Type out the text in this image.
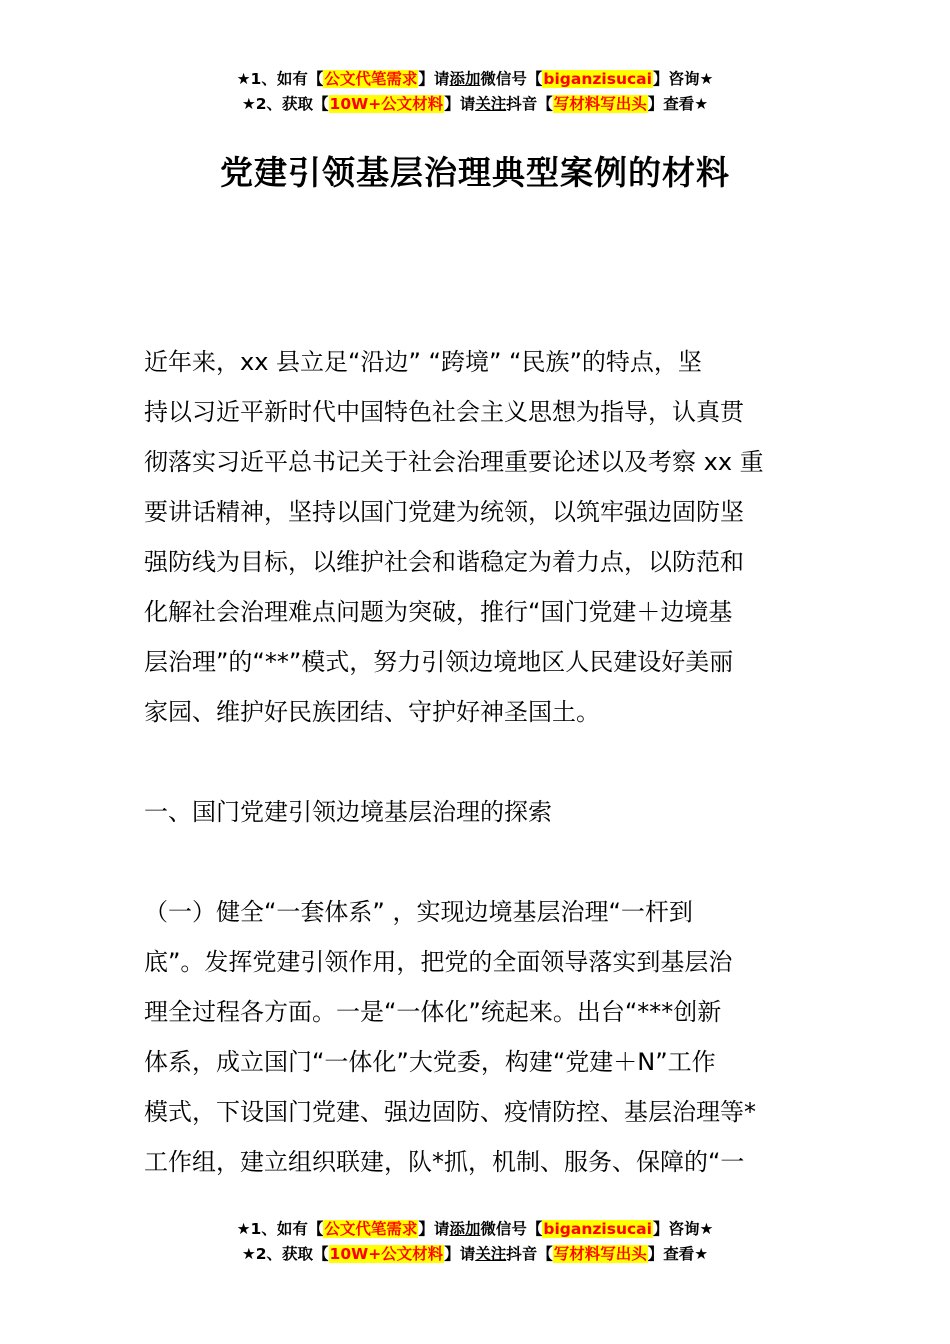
★1、如有【公文代笔需求】请添加微信号【biganzisucai】咨询★
★2、获取【10W+公文材料】请关注抖音【写材料写出头】查看★
党建引领基层治理典型案例的材料
近年来，xx 县立足“沿边” “跨境” “民族”的特点，坚
持以习近平新时代中国特色社会主义思想为指导，认真贯
彻落实习近平总书记关于社会治理重要论述以及考察 xx 重
要讲话精神，坚持以国门党建为统领，以筑牢强边固防坚
强防线为目标，以维护社会和谐稳定为着力点，以防范和
化解社会治理难点问题为突破，推行“国门党建＋边境基
层治理”的“**”模式，努力引领边境地区人民建设好美丽
家园、维护好民族团结、守护好神圣国土。
一、国门党建引领边境基层治理的探索
（一）健全“一套体系” ，实现边境基层治理“一杆到
底”。发挥党建引领作用，把党的全面领导落实到基层治
理全过程各方面。一是“一体化”统起来。出台“***创新
体系，成立国门“一体化”大党委，构建“党建＋N”工作
模式，下设国门党建、强边固防、疫情防控、基层治理等*
工作组，建立组织联建，队*抓，机制、服务、保障的“一
★1、如有【公文代笔需求】请添加微信号【biganzisucai】咨询★
★2、获取【10W+公文材料】请关注抖音【写材料写出头】查看★
